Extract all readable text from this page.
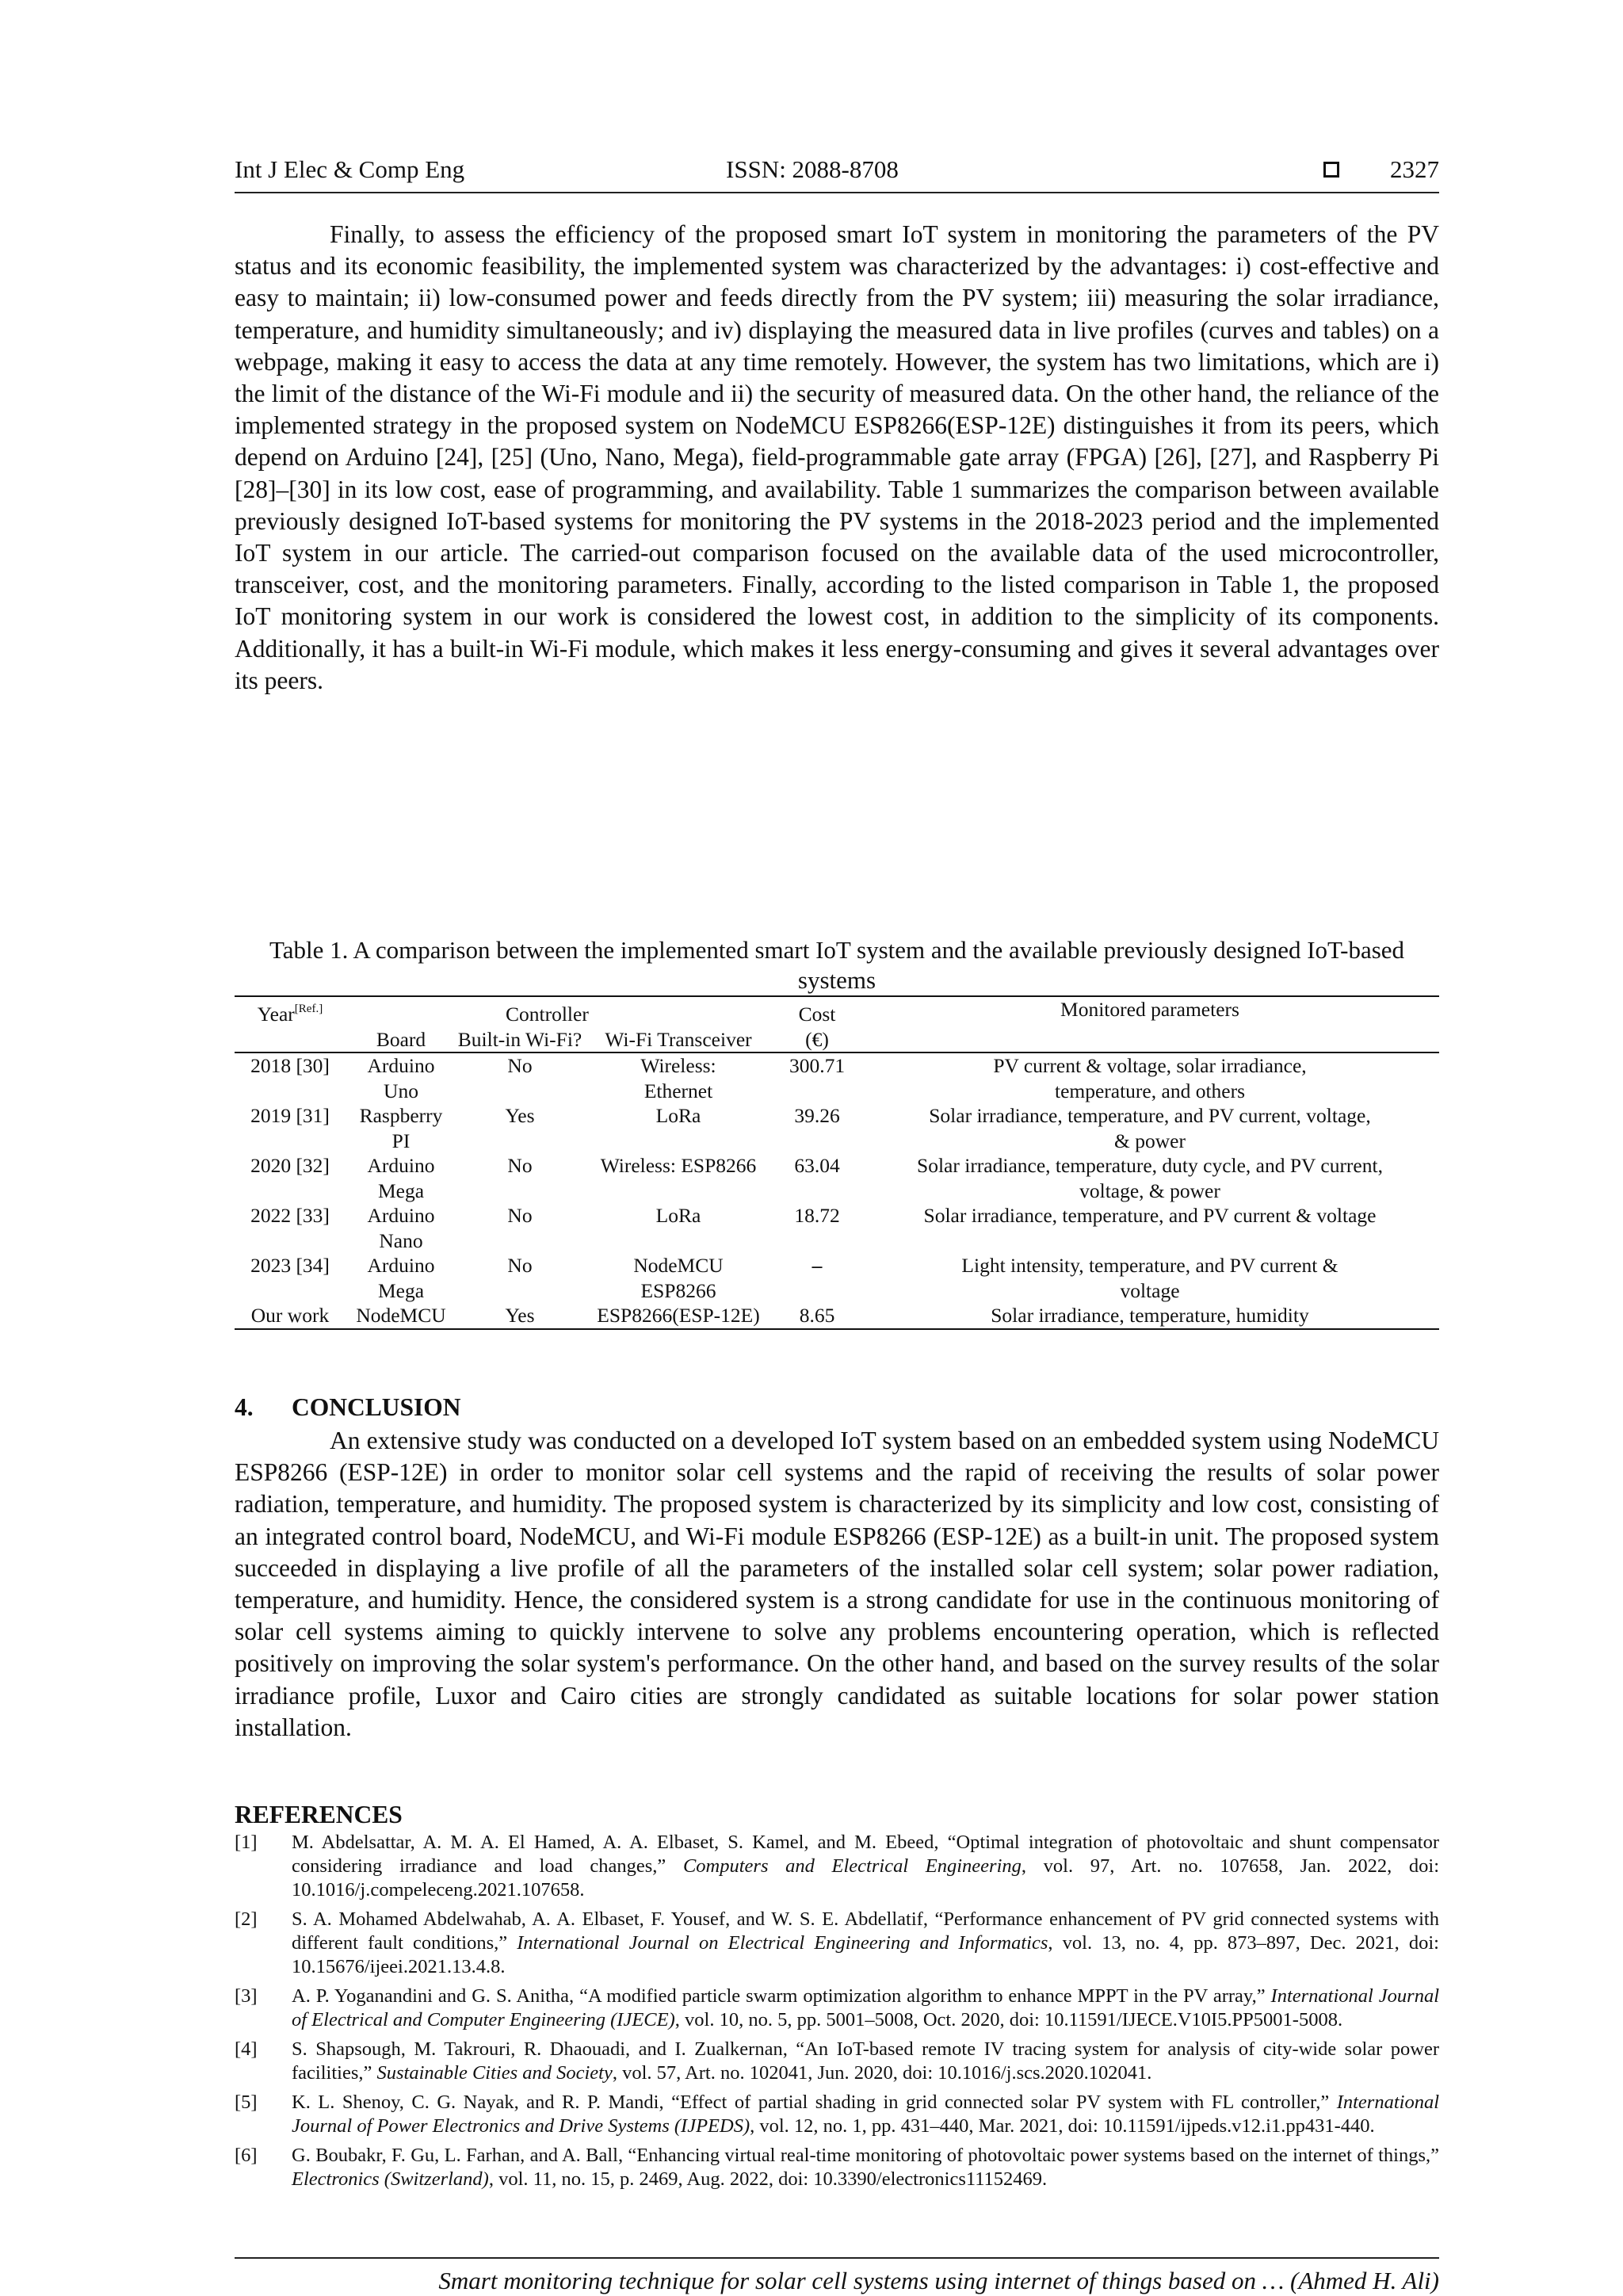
Int J Elec & Comp Eng	ISSN: 2088-8708	2327

Finally, to assess the efficiency of the proposed smart IoT system in monitoring the parameters of the PV status and its economic feasibility, the implemented system was characterized by the advantages: i) cost-effective and easy to maintain; ii) low-consumed power and feeds directly from the PV system; iii) measuring the solar irradiance, temperature, and humidity simultaneously; and iv) displaying the measured data in live profiles (curves and tables) on a webpage, making it easy to access the data at any time remotely. However, the system has two limitations, which are i) the limit of the distance of the Wi-Fi module and ii) the security of measured data. On the other hand, the reliance of the implemented strategy in the proposed system on NodeMCU ESP8266(ESP-12E) distinguishes it from its peers, which depend on Arduino [24], [25] (Uno, Nano, Mega), field-programmable gate array (FPGA) [26], [27], and Raspberry Pi [28]–[30] in its low cost, ease of programming, and availability. Table 1 summarizes the comparison between available previously designed IoT-based systems for monitoring the PV systems in the 2018-2023 period and the implemented IoT system in our article. The carried-out comparison focused on the available data of the used microcontroller, transceiver, cost, and the monitoring parameters. Finally, according to the listed comparison in Table 1, the proposed IoT monitoring system in our work is considered the lowest cost, in addition to the simplicity of its components. Additionally, it has a built-in Wi-Fi module, which makes it less energy-consuming and gives it several advantages over its peers.

Table 1. A comparison between the implemented smart IoT system and the available previously designed IoT-based systems
Year[Ref.]		Controller		Cost	Monitored parameters
	Board	Built-in Wi-Fi?	Wi-Fi Transceiver	(€)	
2018 [30]	Arduino Uno	No	Wireless: Ethernet	300.71	PV current & voltage, solar irradiance, temperature, and others
2019 [31]	Raspberry PI	Yes	LoRa	39.26	Solar irradiance, temperature, and PV current, voltage, & power
2020 [32]	Arduino Mega	No	Wireless: ESP8266	63.04	Solar irradiance, temperature, duty cycle, and PV current, voltage, & power
2022 [33]	Arduino Nano	No	LoRa	18.72	Solar irradiance, temperature, and PV current & voltage
2023 [34]	Arduino Mega	No	NodeMCU ESP8266	–	Light intensity, temperature, and PV current & voltage
Our work	NodeMCU	Yes	ESP8266(ESP-12E)	8.65	Solar irradiance, temperature, humidity
4. CONCLUSION

An extensive study was conducted on a developed IoT system based on an embedded system using NodeMCU ESP8266 (ESP-12E) in order to monitor solar cell systems and the rapid of receiving the results of solar power radiation, temperature, and humidity. The proposed system is characterized by its simplicity and low cost, consisting of an integrated control board, NodeMCU, and Wi-Fi module ESP8266 (ESP-12E) as a built-in unit. The proposed system succeeded in displaying a live profile of all the parameters of the installed solar cell system; solar power radiation, temperature, and humidity. Hence, the considered system is a strong candidate for use in the continuous monitoring of solar cell systems aiming to quickly intervene to solve any problems encountering operation, which is reflected positively on improving the solar system's performance. On the other hand, and based on the survey results of the solar irradiance profile, Luxor and Cairo cities are strongly candidated as suitable locations for solar power station installation.

REFERENCES
[1] M. Abdelsattar, A. M. A. El Hamed, A. A. Elbaset, S. Kamel, and M. Ebeed, “Optimal integration of photovoltaic and shunt compensator considering irradiance and load changes,” Computers and Electrical Engineering, vol. 97, Art. no. 107658, Jan. 2022, doi: 10.1016/j.compeleceng.2021.107658.
[2] S. A. Mohamed Abdelwahab, A. A. Elbaset, F. Yousef, and W. S. E. Abdellatif, “Performance enhancement of PV grid connected systems with different fault conditions,” International Journal on Electrical Engineering and Informatics, vol. 13, no. 4, pp. 873–897, Dec. 2021, doi: 10.15676/ijeei.2021.13.4.8.
[3] A. P. Yoganandini and G. S. Anitha, “A modified particle swarm optimization algorithm to enhance MPPT in the PV array,” International Journal of Electrical and Computer Engineering (IJECE), vol. 10, no. 5, pp. 5001–5008, Oct. 2020, doi: 10.11591/IJECE.V10I5.PP5001-5008.
[4] S. Shapsough, M. Takrouri, R. Dhaouadi, and I. Zualkernan, “An IoT-based remote IV tracing system for analysis of city-wide solar power facilities,” Sustainable Cities and Society, vol. 57, Art. no. 102041, Jun. 2020, doi: 10.1016/j.scs.2020.102041.
[5] K. L. Shenoy, C. G. Nayak, and R. P. Mandi, “Effect of partial shading in grid connected solar PV system with FL controller,” International Journal of Power Electronics and Drive Systems (IJPEDS), vol. 12, no. 1, pp. 431–440, Mar. 2021, doi: 10.11591/ijpeds.v12.i1.pp431-440.
[6] G. Boubakr, F. Gu, L. Farhan, and A. Ball, “Enhancing virtual real-time monitoring of photovoltaic power systems based on the internet of things,” Electronics (Switzerland), vol. 11, no. 15, p. 2469, Aug. 2022, doi: 10.3390/electronics11152469.
Smart monitoring technique for solar cell systems using internet of things based on … (Ahmed H. Ali)
